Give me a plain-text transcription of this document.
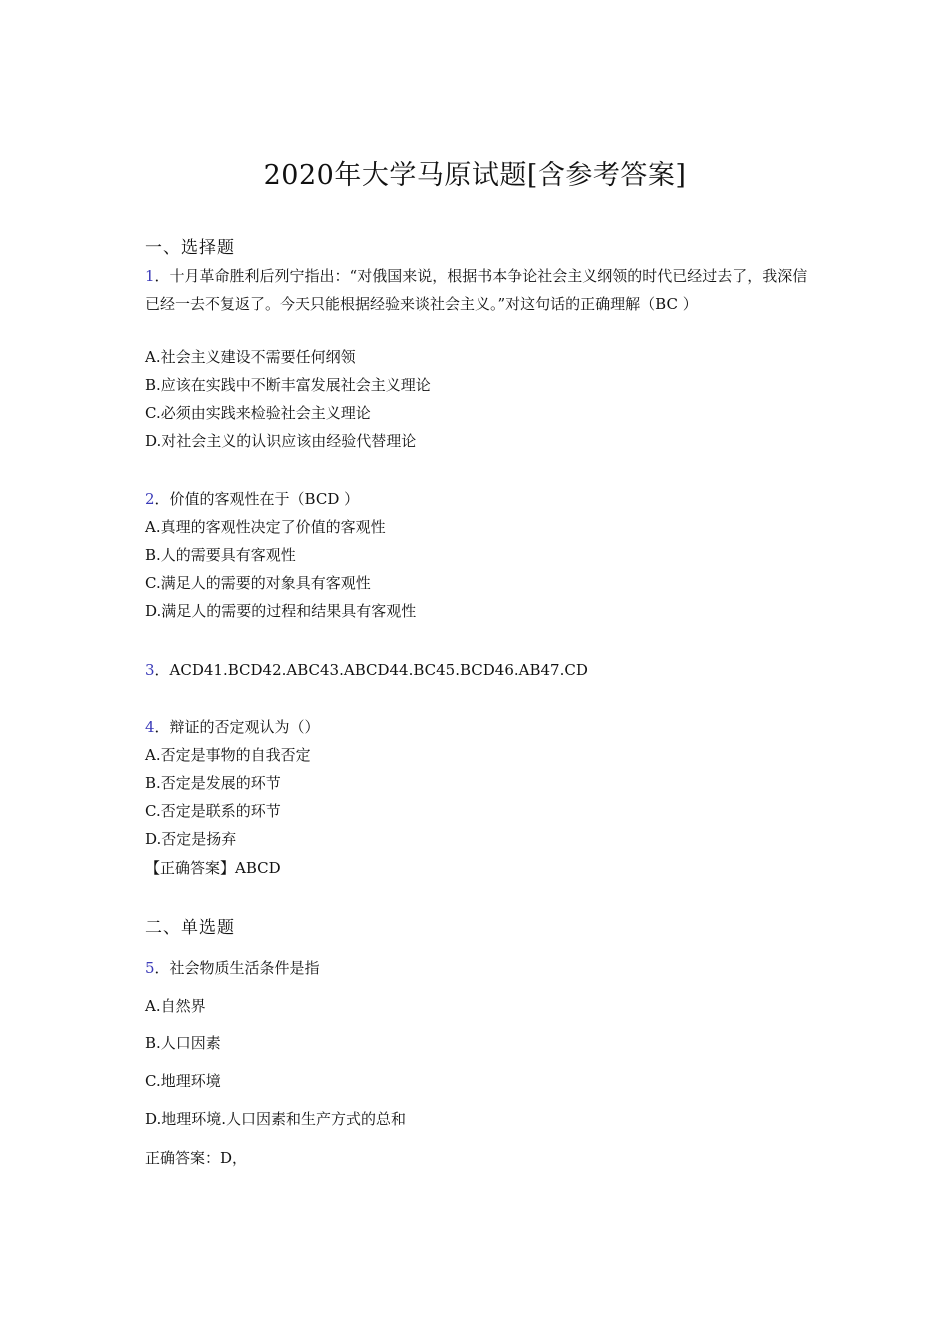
2020年大学马原试题[含参考答案]
一、选择题
1．十月革命胜利后列宁指出：“对俄国来说，根据书本争论社会主义纲领的时代已经过去了，我深信已经一去不复返了。今天只能根据经验来谈社会主义。”对这句话的正确理解（BC ）
A.社会主义建设不需要任何纲领
B.应该在实践中不断丰富发展社会主义理论
C.必须由实践来检验社会主义理论
D.对社会主义的认识应该由经验代替理论
2．价值的客观性在于（BCD ）
A.真理的客观性决定了价值的客观性
B.人的需要具有客观性
C.满足人的需要的对象具有客观性
D.满足人的需要的过程和结果具有客观性
3．ACD41.BCD42.ABC43.ABCD44.BC45.BCD46.AB47.CD
4．辩证的否定观认为（）
A.否定是事物的自我否定
B.否定是发展的环节
C.否定是联系的环节
D.否定是扬弃
【正确答案】ABCD
二、单选题
5．社会物质生活条件是指
A.自然界
B.人口因素
C.地理环境
D.地理环境.人口因素和生产方式的总和
正确答案：D，
